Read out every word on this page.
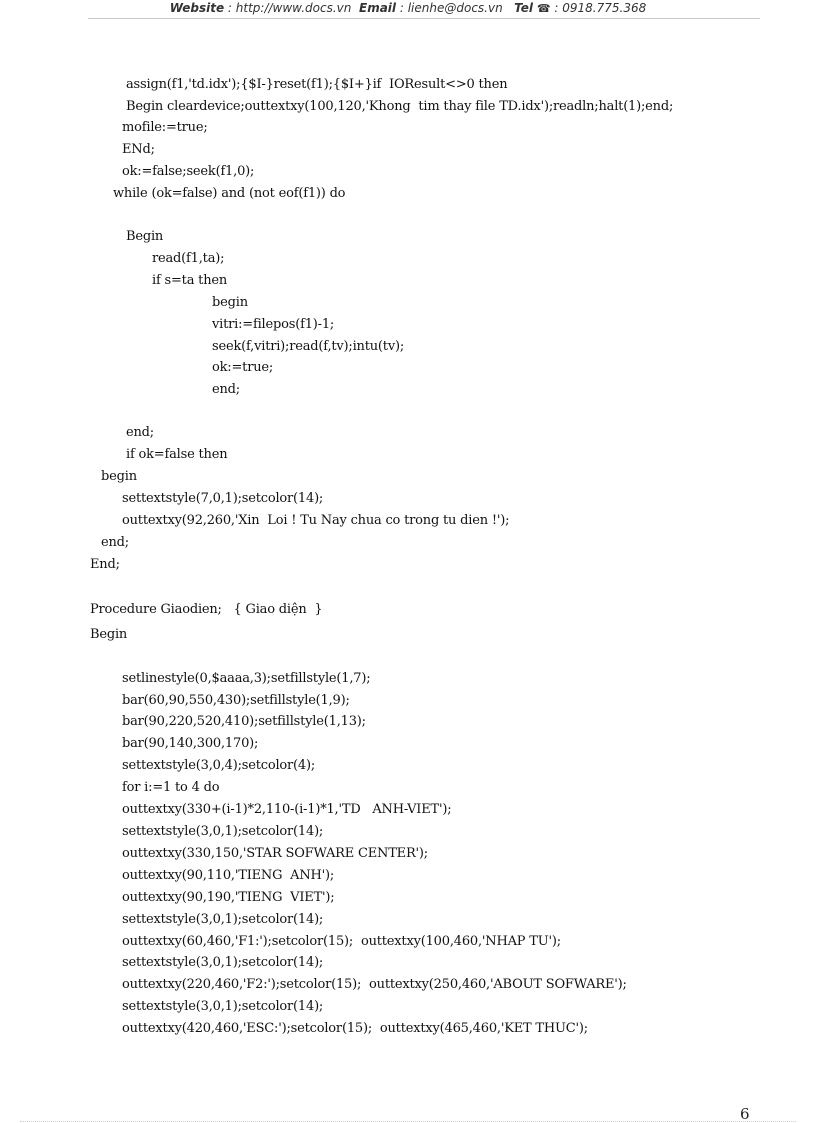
Website : http://www.docs.vn Email : lienhe@docs.vn Tel ☎ : 0918.775.368
assign(f1,'td.idx');{$I-}reset(f1);{$I+}if  IOResult<>0 then
Begin cleardevice;outtextxy(100,120,'Khong  tim thay file TD.idx');readln;halt(1);end;
mofile:=true;
ENd;
ok:=false;seek(f1,0);
while (ok=false) and (not eof(f1)) do
Begin
read(f1,ta);
if s=ta then
begin
vitri:=filepos(f1)-1;
seek(f,vitri);read(f,tv);intu(tv);
ok:=true;
end;
end;
if ok=false then
begin
settextstyle(7,0,1);setcolor(14);
outtextxy(92,260,'Xin  Loi ! Tu Nay chua co trong tu dien !');
end;
End;
Procedure Giaodien;   { Giao diện  }
Begin
setlinestyle(0,$aaaa,3);setfillstyle(1,7);
bar(60,90,550,430);setfillstyle(1,9);
bar(90,220,520,410);setfillstyle(1,13);
bar(90,140,300,170);
settextstyle(3,0,4);setcolor(4);
for i:=1 to 4 do
outtextxy(330+(i-1)*2,110-(i-1)*1,'TD   ANH-VIET');
settextstyle(3,0,1);setcolor(14);
outtextxy(330,150,'STAR SOFWARE CENTER');
outtextxy(90,110,'TIENG  ANH');
outtextxy(90,190,'TIENG  VIET');
settextstyle(3,0,1);setcolor(14);
outtextxy(60,460,'F1:');setcolor(15);  outtextxy(100,460,'NHAP TU');
settextstyle(3,0,1);setcolor(14);
outtextxy(220,460,'F2:');setcolor(15);  outtextxy(250,460,'ABOUT SOFWARE');
settextstyle(3,0,1);setcolor(14);
outtextxy(420,460,'ESC:');setcolor(15);  outtextxy(465,460,'KET THUC');
6
